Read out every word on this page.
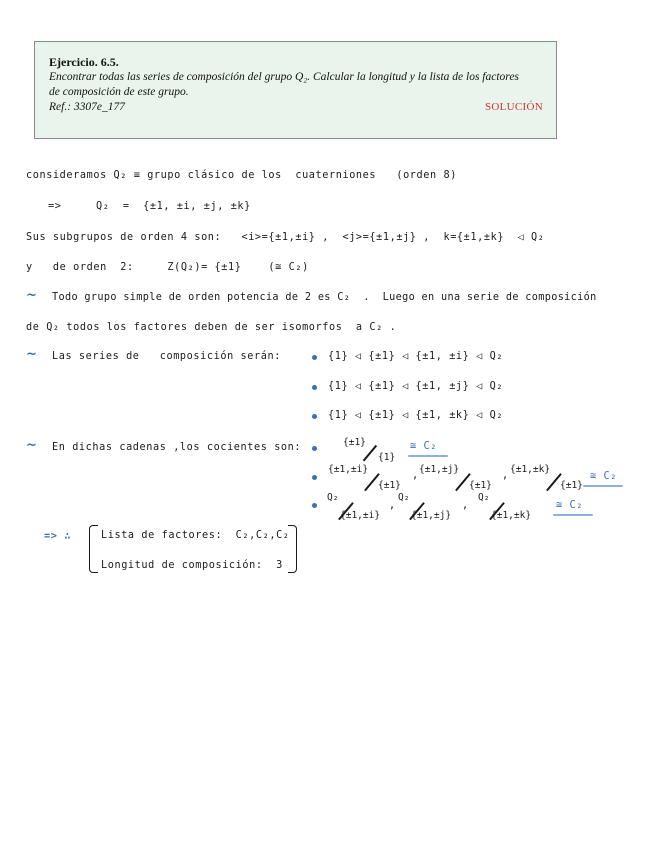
Ejercicio. 6.5.
Encontrar todas las series de composición del grupo Q₂. Calcular la longitud y la lista de los factores
de composición de este grupo.
Ref.: 3307e_177	SOLUCIÓN
consideramos Q₂ ≡ grupo clásico de los  cuaterniones   (orden 8)
=>	Q₂  =  {±1, ±i, ±j, ±k}
Sus subgrupos de orden 4 son:   <i>={±1,±i} ,  <j>={±1,±j} ,  k={±1,±k}  ◁ Q₂
y   de orden  2:     Z(Q₂)= {±1}    (≅ C₂)
~ Todo grupo simple de orden potencia de 2 es C₂  .  Luego en una serie de composición
de Q₂ todos los factores deben de ser isomorfos  a C₂ .
~ Las series de   composición serán:	{1} ◁ {±1} ◁ {±1, ±i} ◁ Q₂
{1} ◁ {±1} ◁ {±1, ±j} ◁ Q₂
{1} ◁ {±1} ◁ {±1, ±k} ◁ Q₂
~ En dichas cadenas ,los cocientes son:	{±1}
{1}
≅ C₂
{±1,±i}
{±1}
,
{±1,±j}
{±1}
,
{±1,±k}
{±1}
≅ C₂
Q₂
{±1,±i}
,
Q₂
{±1,±j}
,
Q₂
{±1,±k}
≅ C₂
=> ∴	Lista de factores:  C₂,C₂,C₂
Longitud de composición:  3
